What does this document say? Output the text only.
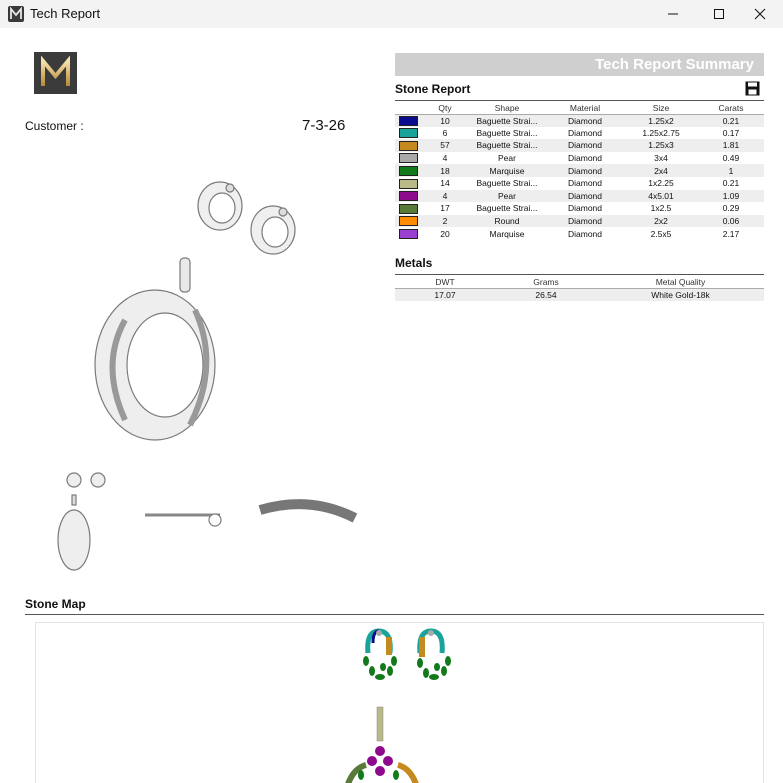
Tech Report
Customer :	7-3-26
Tech Report Summary
Stone Report
	Qty	Shape	Material	Size	Carats
	10	Baguette Strai...	Diamond	1.25x2	0.21
	6	Baguette Strai...	Diamond	1.25x2.75	0.17
	57	Baguette Strai...	Diamond	1.25x3	1.81
	4	Pear	Diamond	3x4	0.49
	18	Marquise	Diamond	2x4	1
	14	Baguette Strai...	Diamond	1x2.25	0.21
	4	Pear	Diamond	4x5.01	1.09
	17	Baguette Strai...	Diamond	1x2.5	0.29
	2	Round	Diamond	2x2	0.06
	20	Marquise	Diamond	2.5x5	2.17
Metals
DWT	Grams	Metal Quality
17.07	26.54	White Gold-18k
Stone Map
